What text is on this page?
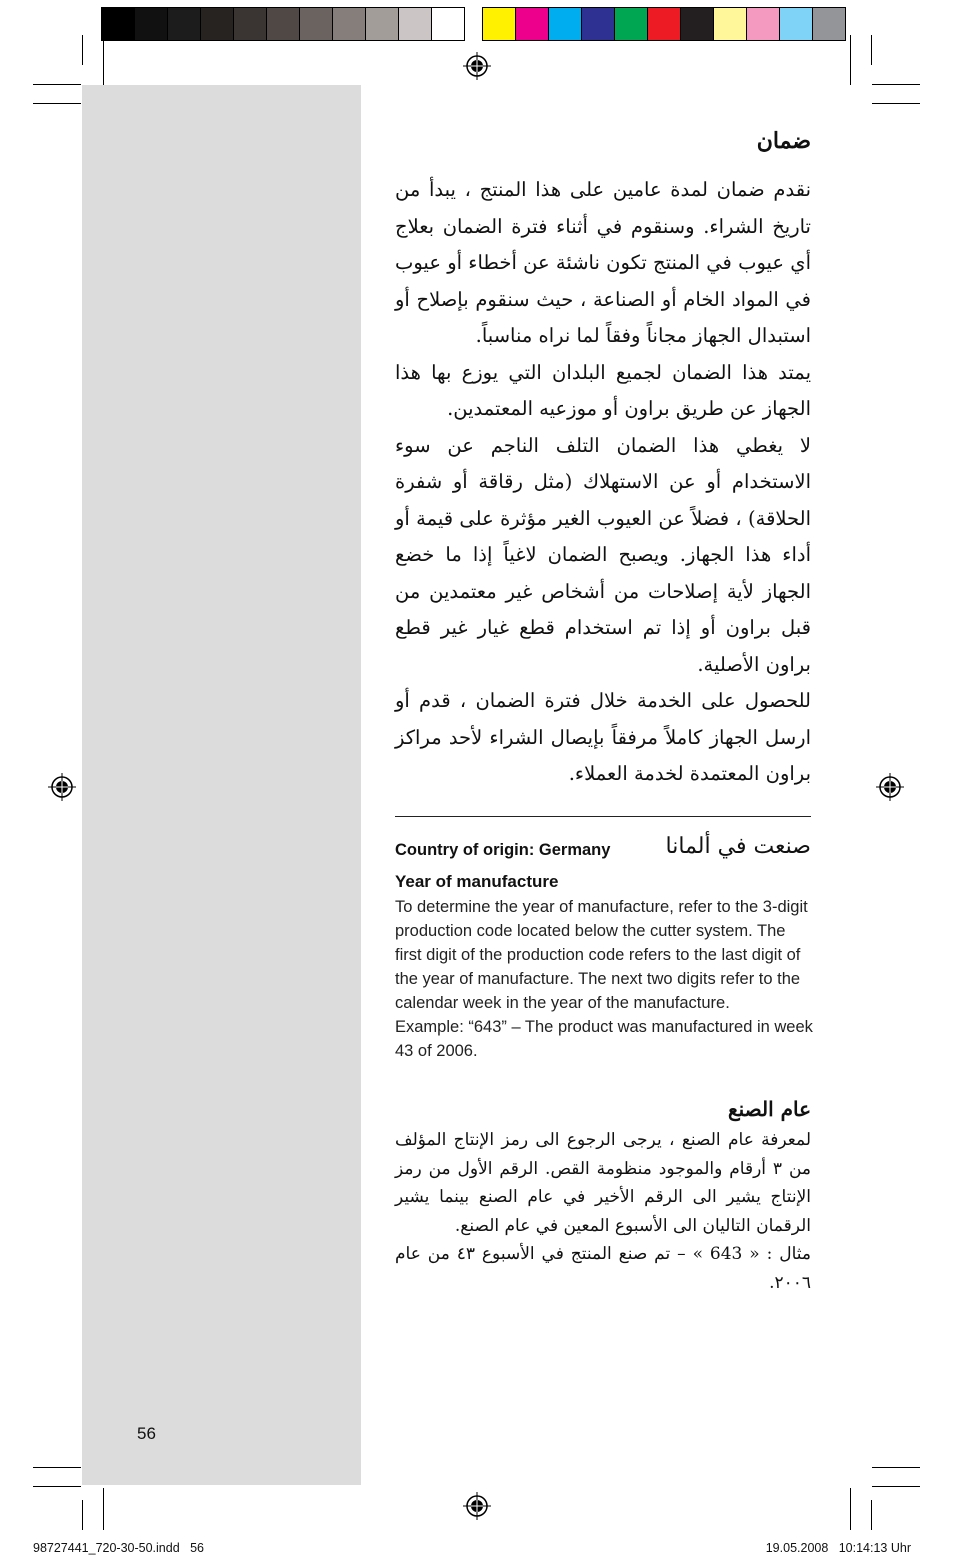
ضمان

نقدم ضمان لمدة عامين على هذا المنتج ، يبدأ من تاريخ الشراء. وسنقوم في أثناء فترة الضمان بعلاج أي عيوب في المنتج تكون ناشئة عن أخطاء أو عيوب في المواد الخام أو الصناعة ، حيث سنقوم بإصلاح أو استبدال الجهاز مجاناً وفقاً لما نراه مناسباً.

يمتد هذا الضمان لجميع البلدان التي يوزع بها هذا الجهاز عن طريق براون أو موزعيه المعتمدين.

لا يغطي هذا الضمان التلف الناجم عن سوء الاستخدام أو عن الاستهلاك (مثل رقاقة أو شفرة الحلاقة) ، فضلاً عن العيوب الغير مؤثرة على قيمة أو أداء هذا الجهاز. ويصبح الضمان لاغياً إذا ما خضع الجهاز لأية إصلاحات من أشخاص غير معتمدين من قبل براون أو إذا تم استخدام قطع غيار غير قطع براون الأصلية.

للحصول على الخدمة خلال فترة الضمان ، قدم أو ارسل الجهاز كاملاً مرفقاً بإيصال الشراء لأحد مراكز براون المعتمدة لخدمة العملاء.

Country of origin: Germany	صنعت في ألمانا
Year of manufacture

To determine the year of manufacture, refer to the 3-digit production code located below the cutter system. The first digit of the production code refers to the last digit of the year of manufacture. The next two digits refer to the calendar week in the year of the manufacture.

Example: “643” – The product was manufactured in week 43 of 2006.

عام الصنع

لمعرفة عام الصنع ، يرجى الرجوع الى رمز الإنتاج المؤلف من ٣ أرقام والموجود منظومة القص. الرقم الأول من رمز الإنتاج يشير الى الرقم الأخير في عام الصنع بينما يشير الرقمان التاليان الى الأسبوع المعين في عام الصنع.

مثال : « 643 » – تم صنع المنتج في الأسبوع ٤٣ من عام ٢٠٠٦.

56
98727441_720-30-50.indd   56	19.05.2008   10:14:13 Uhr
